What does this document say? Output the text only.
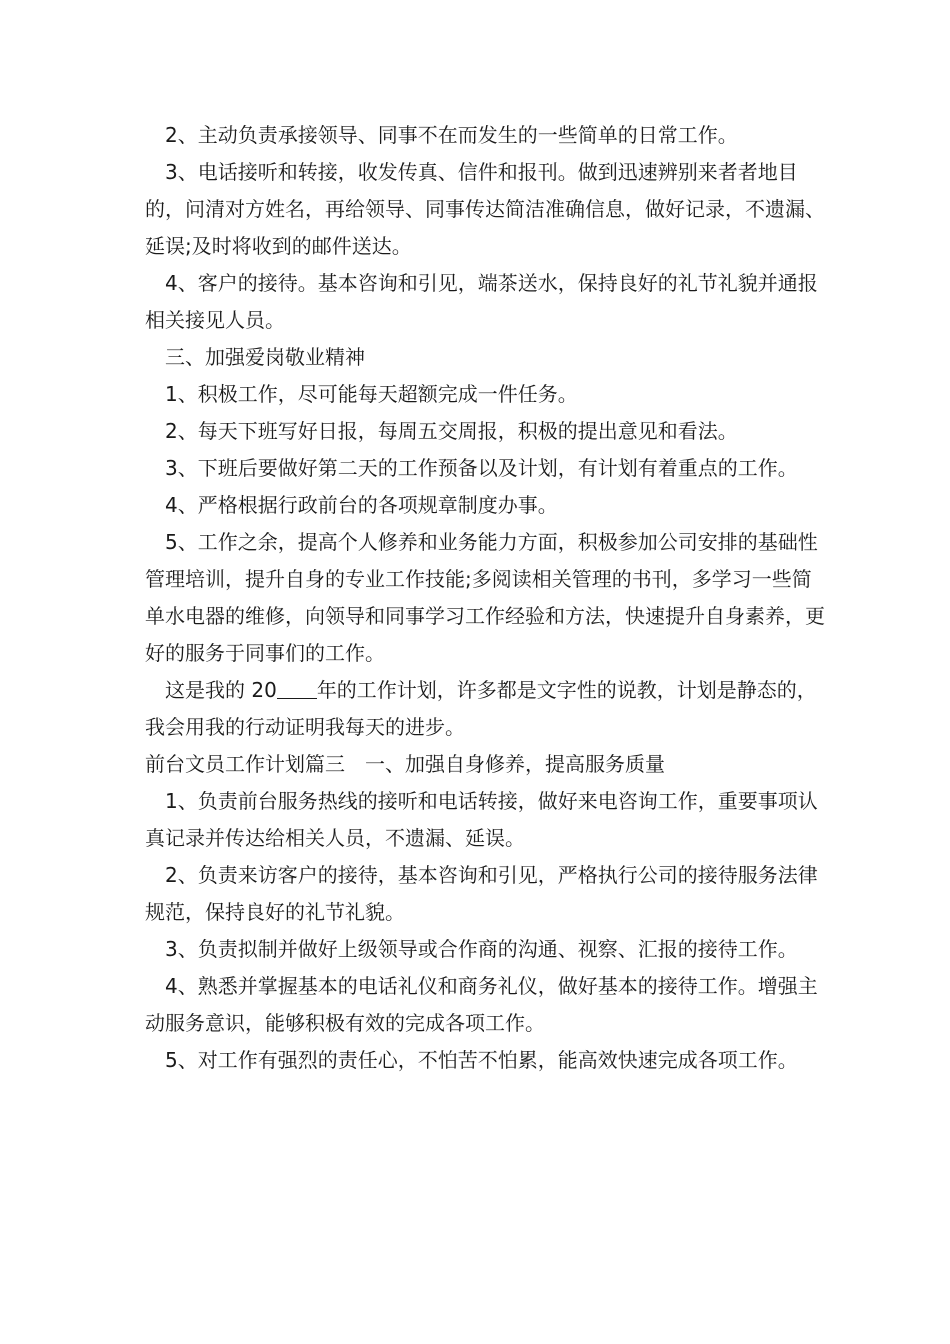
2、主动负责承接领导、同事不在而发生的一些简单的日常工作。

3、电话接听和转接，收发传真、信件和报刊。做到迅速辨别来者者地目的，问清对方姓名，再给领导、同事传达简洁准确信息，做好记录，不遗漏、延误;及时将收到的邮件送达。

4、客户的接待。基本咨询和引见，端茶送水，保持良好的礼节礼貌并通报相关接见人员。

三、加强爱岗敬业精神

1、积极工作，尽可能每天超额完成一件任务。

2、每天下班写好日报，每周五交周报，积极的提出意见和看法。

3、下班后要做好第二天的工作预备以及计划，有计划有着重点的工作。

4、严格根据行政前台的各项规章制度办事。

5、工作之余，提高个人修养和业务能力方面，积极参加公司安排的基础性管理培训，提升自身的专业工作技能;多阅读相关管理的书刊，多学习一些简单水电器的维修，向领导和同事学习工作经验和方法，快速提升自身素养，更好的服务于同事们的工作。

这是我的 20 年的工作计划，许多都是文字性的说教，计划是静态的，我会用我的行动证明我每天的进步。

前台文员工作计划篇三　一、加强自身修养，提高服务质量

1、负责前台服务热线的接听和电话转接，做好来电咨询工作，重要事项认真记录并传达给相关人员，不遗漏、延误。

2、负责来访客户的接待，基本咨询和引见，严格执行公司的接待服务法律规范，保持良好的礼节礼貌。

3、负责拟制并做好上级领导或合作商的沟通、视察、汇报的接待工作。

4、熟悉并掌握基本的电话礼仪和商务礼仪，做好基本的接待工作。增强主动服务意识，能够积极有效的完成各项工作。

5、对工作有强烈的责任心，不怕苦不怕累，能高效快速完成各项工作。
